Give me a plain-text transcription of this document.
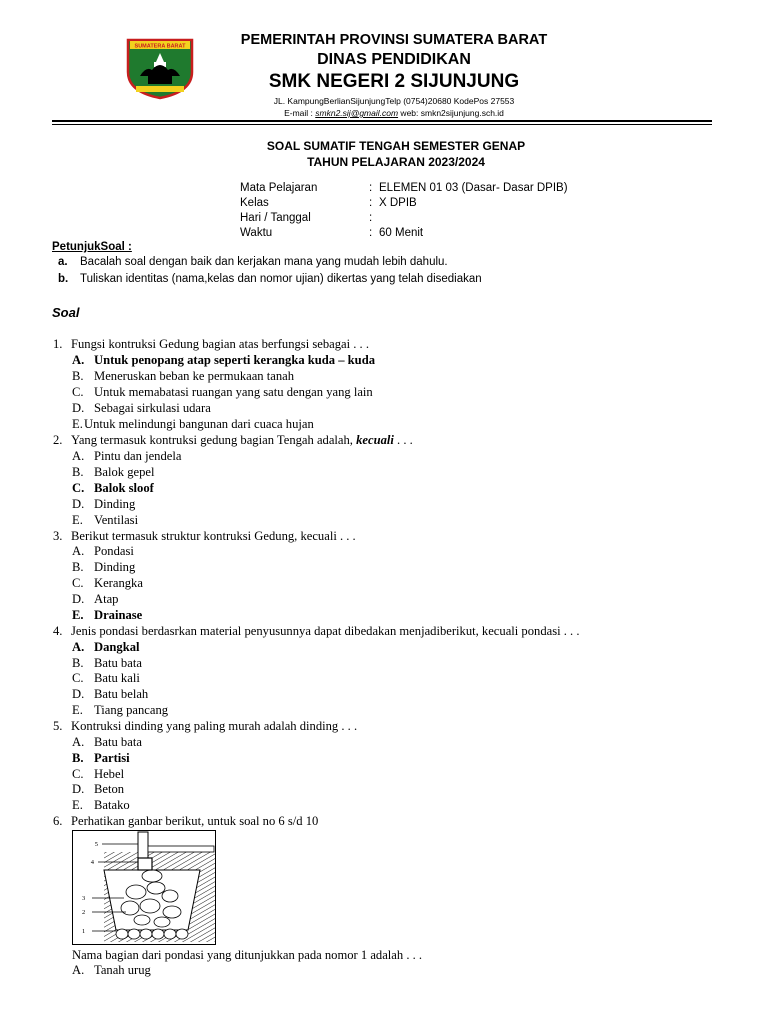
SUMATERA BARAT	PEMERINTAH PROVINSI SUMATERA BARAT
DINAS PENDIDIKAN
SMK NEGERI 2 SIJUNJUNG
JL. KampungBerlianSijunjungTelp (0754)20680 KodePos 27553
E-mail : smkn2.sij@gmail.com web: smkn2sijunjung.sch.id
SOAL SUMATIF TENGAH SEMESTER GENAP
TAHUN PELAJARAN 2023/2024
Mata Pelajaran	: ELEMEN 01 03 (Dasar- Dasar DPIB)
Kelas	: X DPIB
Hari / Tanggal	:
Waktu	: 60 Menit
PetunjukSoal :
a. Bacalah soal dengan baik dan kerjakan mana yang mudah lebih dahulu.
b. Tuliskan identitas (nama,kelas dan nomor ujian) dikertas yang telah disediakan
Soal
1. Fungsi kontruksi Gedung bagian atas berfungsi sebagai . . .
A. Untuk penopang atap seperti kerangka kuda – kuda
B. Meneruskan beban ke permukaan tanah
C. Untuk memabatasi ruangan yang satu dengan yang lain
D. Sebagai sirkulasi udara
E. Untuk melindungi bangunan dari cuaca hujan
2. Yang termasuk kontruksi gedung bagian Tengah adalah, kecuali . . .
A. Pintu dan jendela
B. Balok gepel
C. Balok sloof
D. Dinding
E. Ventilasi
3. Berikut termasuk struktur kontruksi Gedung, kecuali . . .
A. Pondasi
B. Dinding
C. Kerangka
D. Atap
E. Drainase
4. Jenis pondasi berdasrkan material penyusunnya dapat dibedakan menjadiberikut, kecuali pondasi . . .
A. Dangkal
B. Batu bata
C. Batu kali
D. Batu belah
E. Tiang pancang
5. Kontruksi dinding yang paling murah adalah dinding . . .
A. Batu bata
B. Partisi
C. Hebel
D. Beton
E. Batako
6. Perhatikan ganbar berikut, untuk soal no 6 s/d 10
5
4
3
2
1
Nama bagian dari pondasi yang ditunjukkan pada nomor 1 adalah . . .
A. Tanah urug
